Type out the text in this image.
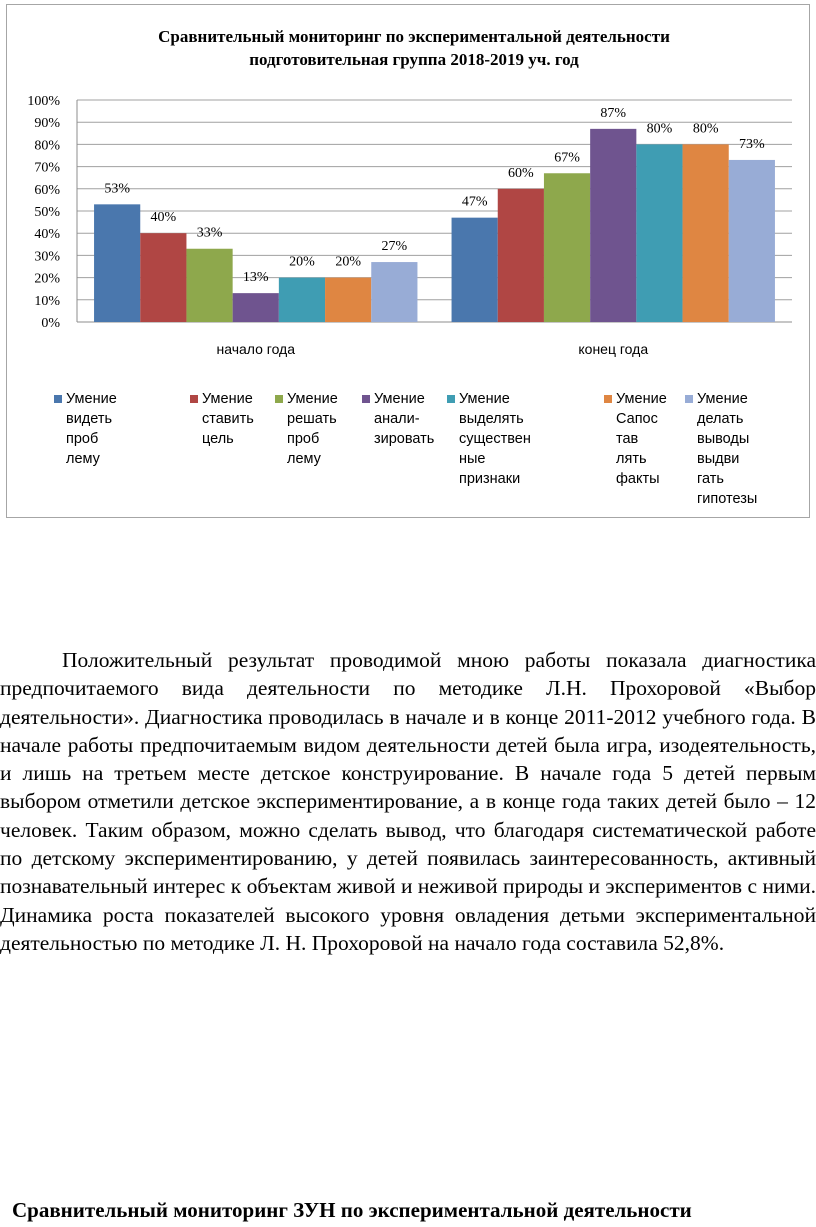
Сравнительный мониторинг по экспериментальной деятельности
подготовительная группа 2018-2019 уч. год
0%
10%
20%
30%
40%
50%
60%
70%
80%
90%
100%
53%
40%
33%
13%
20% 20%
27%
начало года
47%
60%
67%
87%
80% 80%
73%
конец года
Умение видеть
проб
лему
Умение
ставить
цель
Умение
решать
проб
лему
Умение
анали-
зировать
Умение выделять
существен
ные
признаки
Умение
Сапос
тав
лять
факты
Умение
делать
выводы
выдви
гать
гипотезы

Положительный результат проводимой мною работы показала диагностика предпочитаемого вида деятельности по методике Л.Н. Прохоровой «Выбор деятельности». Диагностика проводилась в начале и в конце 2011-2012 учебного года. В начале работы предпочитаемым видом деятельности детей была игра, изодеятельность, и лишь на третьем месте детское конструирование. В начале года 5 детей первым выбором отметили детское экспериментирование, а в конце года таких детей было – 12 человек. Таким образом, можно сделать вывод, что благодаря систематической работе по детскому экспериментированию, у детей появилась заинтересованность, активный познавательный интерес к объектам живой и неживой природы и экспериментов с ними. Динамика роста показателей высокого уровня овладения детьми экспериментальной деятельностью по методике Л. Н. Прохоровой на начало года составила 52,8%.

Сравнительный мониторинг ЗУН по экспериментальной деятельности
